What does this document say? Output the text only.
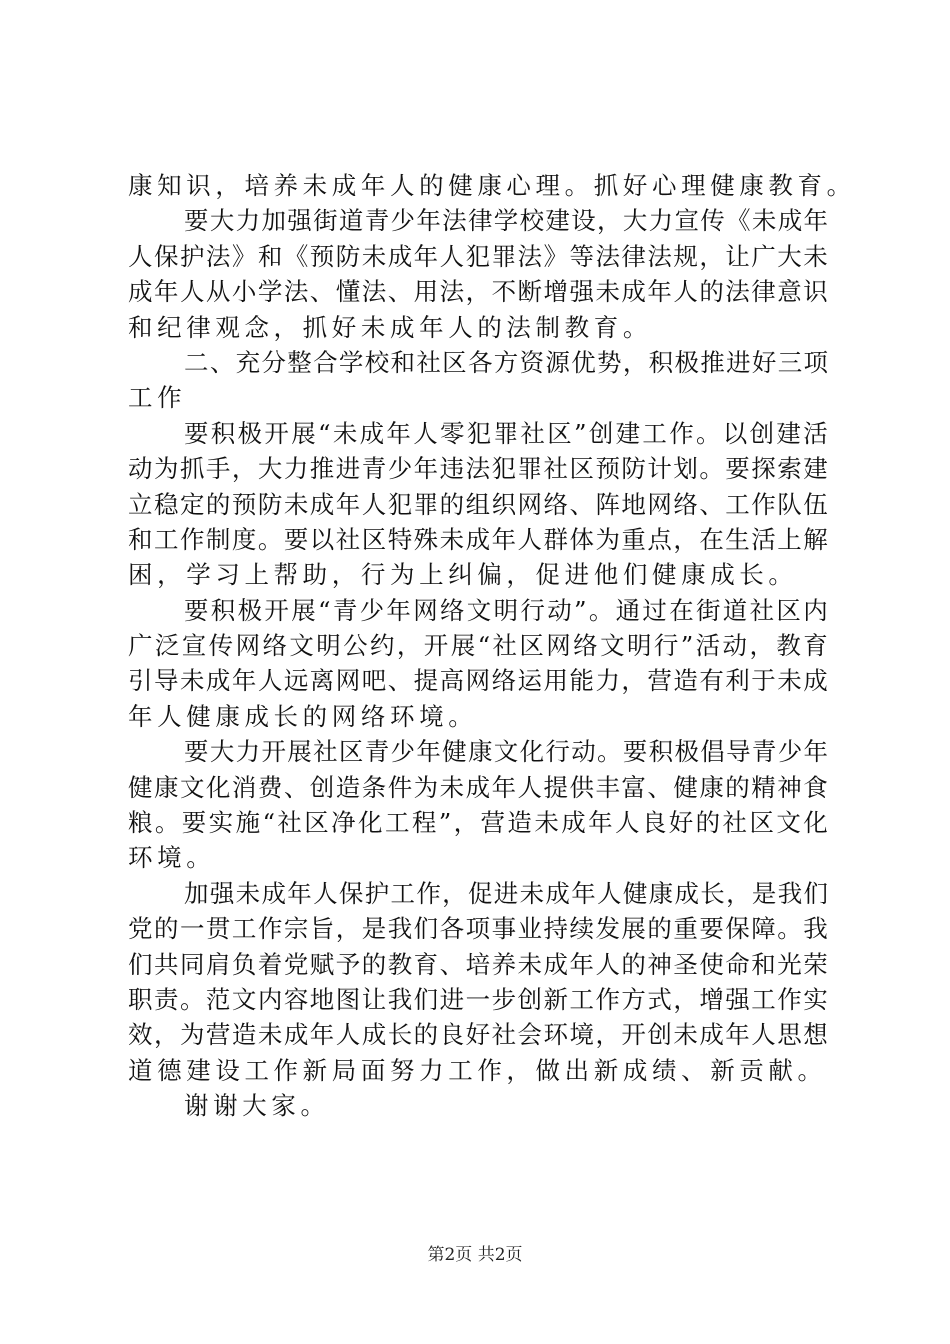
康 知 识 ， 培 养 未 成 年 人 的 健 康 心 理 。 抓 好 心 理 健 康 教 育 。
要 大 力 加 强 街 道 青 少 年 法 律 学 校 建 设 ， 大 力 宣 传 《 未 成 年
人 保 护 法 》 和 《 预 防 未 成 年 人 犯 罪 法 》 等 法 律 法 规 ， 让 广 大 未
成 年 人 从 小 学 法 、 懂 法 、 用 法 ， 不 断 增 强 未 成 年 人 的 法 律 意 识
和 纪 律 观 念 ， 抓 好 未 成 年 人 的 法 制 教 育 。
二 、 充 分 整 合 学 校 和 社 区 各 方 资 源 优 势 ， 积 极 推 进 好 三 项
工 作
要 积 极 开 展 “ 未 成 年 人 零 犯 罪 社 区 ” 创 建 工 作 。 以 创 建 活
动 为 抓 手 ， 大 力 推 进 青 少 年 违 法 犯 罪 社 区 预 防 计 划 。 要 探 索 建
立 稳 定 的 预 防 未 成 年 人 犯 罪 的 组 织 网 络 、 阵 地 网 络 、 工 作 队 伍
和 工 作 制 度 。 要 以 社 区 特 殊 未 成 年 人 群 体 为 重 点 ， 在 生 活 上 解
困 ， 学 习 上 帮 助 ， 行 为 上 纠 偏 ， 促 进 他 们 健 康 成 长 。
要 积 极 开 展 “ 青 少 年 网 络 文 明 行 动 ” 。 通 过 在 街 道 社 区 内
广 泛 宣 传 网 络 文 明 公 约 ， 开 展 “ 社 区 网 络 文 明 行 ” 活 动 ， 教 育
引 导 未 成 年 人 远 离 网 吧 、 提 高 网 络 运 用 能 力 ， 营 造 有 利 于 未 成
年 人 健 康 成 长 的 网 络 环 境 。
要 大 力 开 展 社 区 青 少 年 健 康 文 化 行 动 。 要 积 极 倡 导 青 少 年
健 康 文 化 消 费 、 创 造 条 件 为 未 成 年 人 提 供 丰 富 、 健 康 的 精 神 食
粮 。 要 实 施 “ 社 区 净 化 工 程 ” ， 营 造 未 成 年 人 良 好 的 社 区 文 化
环 境 。
加 强 未 成 年 人 保 护 工 作 ， 促 进 未 成 年 人 健 康 成 长 ， 是 我 们
党 的 一 贯 工 作 宗 旨 ， 是 我 们 各 项 事 业 持 续 发 展 的 重 要 保 障 。 我
们 共 同 肩 负 着 党 赋 予 的 教 育 、 培 养 未 成 年 人 的 神 圣 使 命 和 光 荣
职 责 。 范 文 内 容 地 图 让 我 们 进 一 步 创 新 工 作 方 式 ， 增 强 工 作 实
效 ， 为 营 造 未 成 年 人 成 长 的 良 好 社 会 环 境 ， 开 创 未 成 年 人 思 想
道 德 建 设 工 作 新 局 面 努 力 工 作 ， 做 出 新 成 绩 、 新 贡 献 。
谢 谢 大 家 。
第2页 共2页
